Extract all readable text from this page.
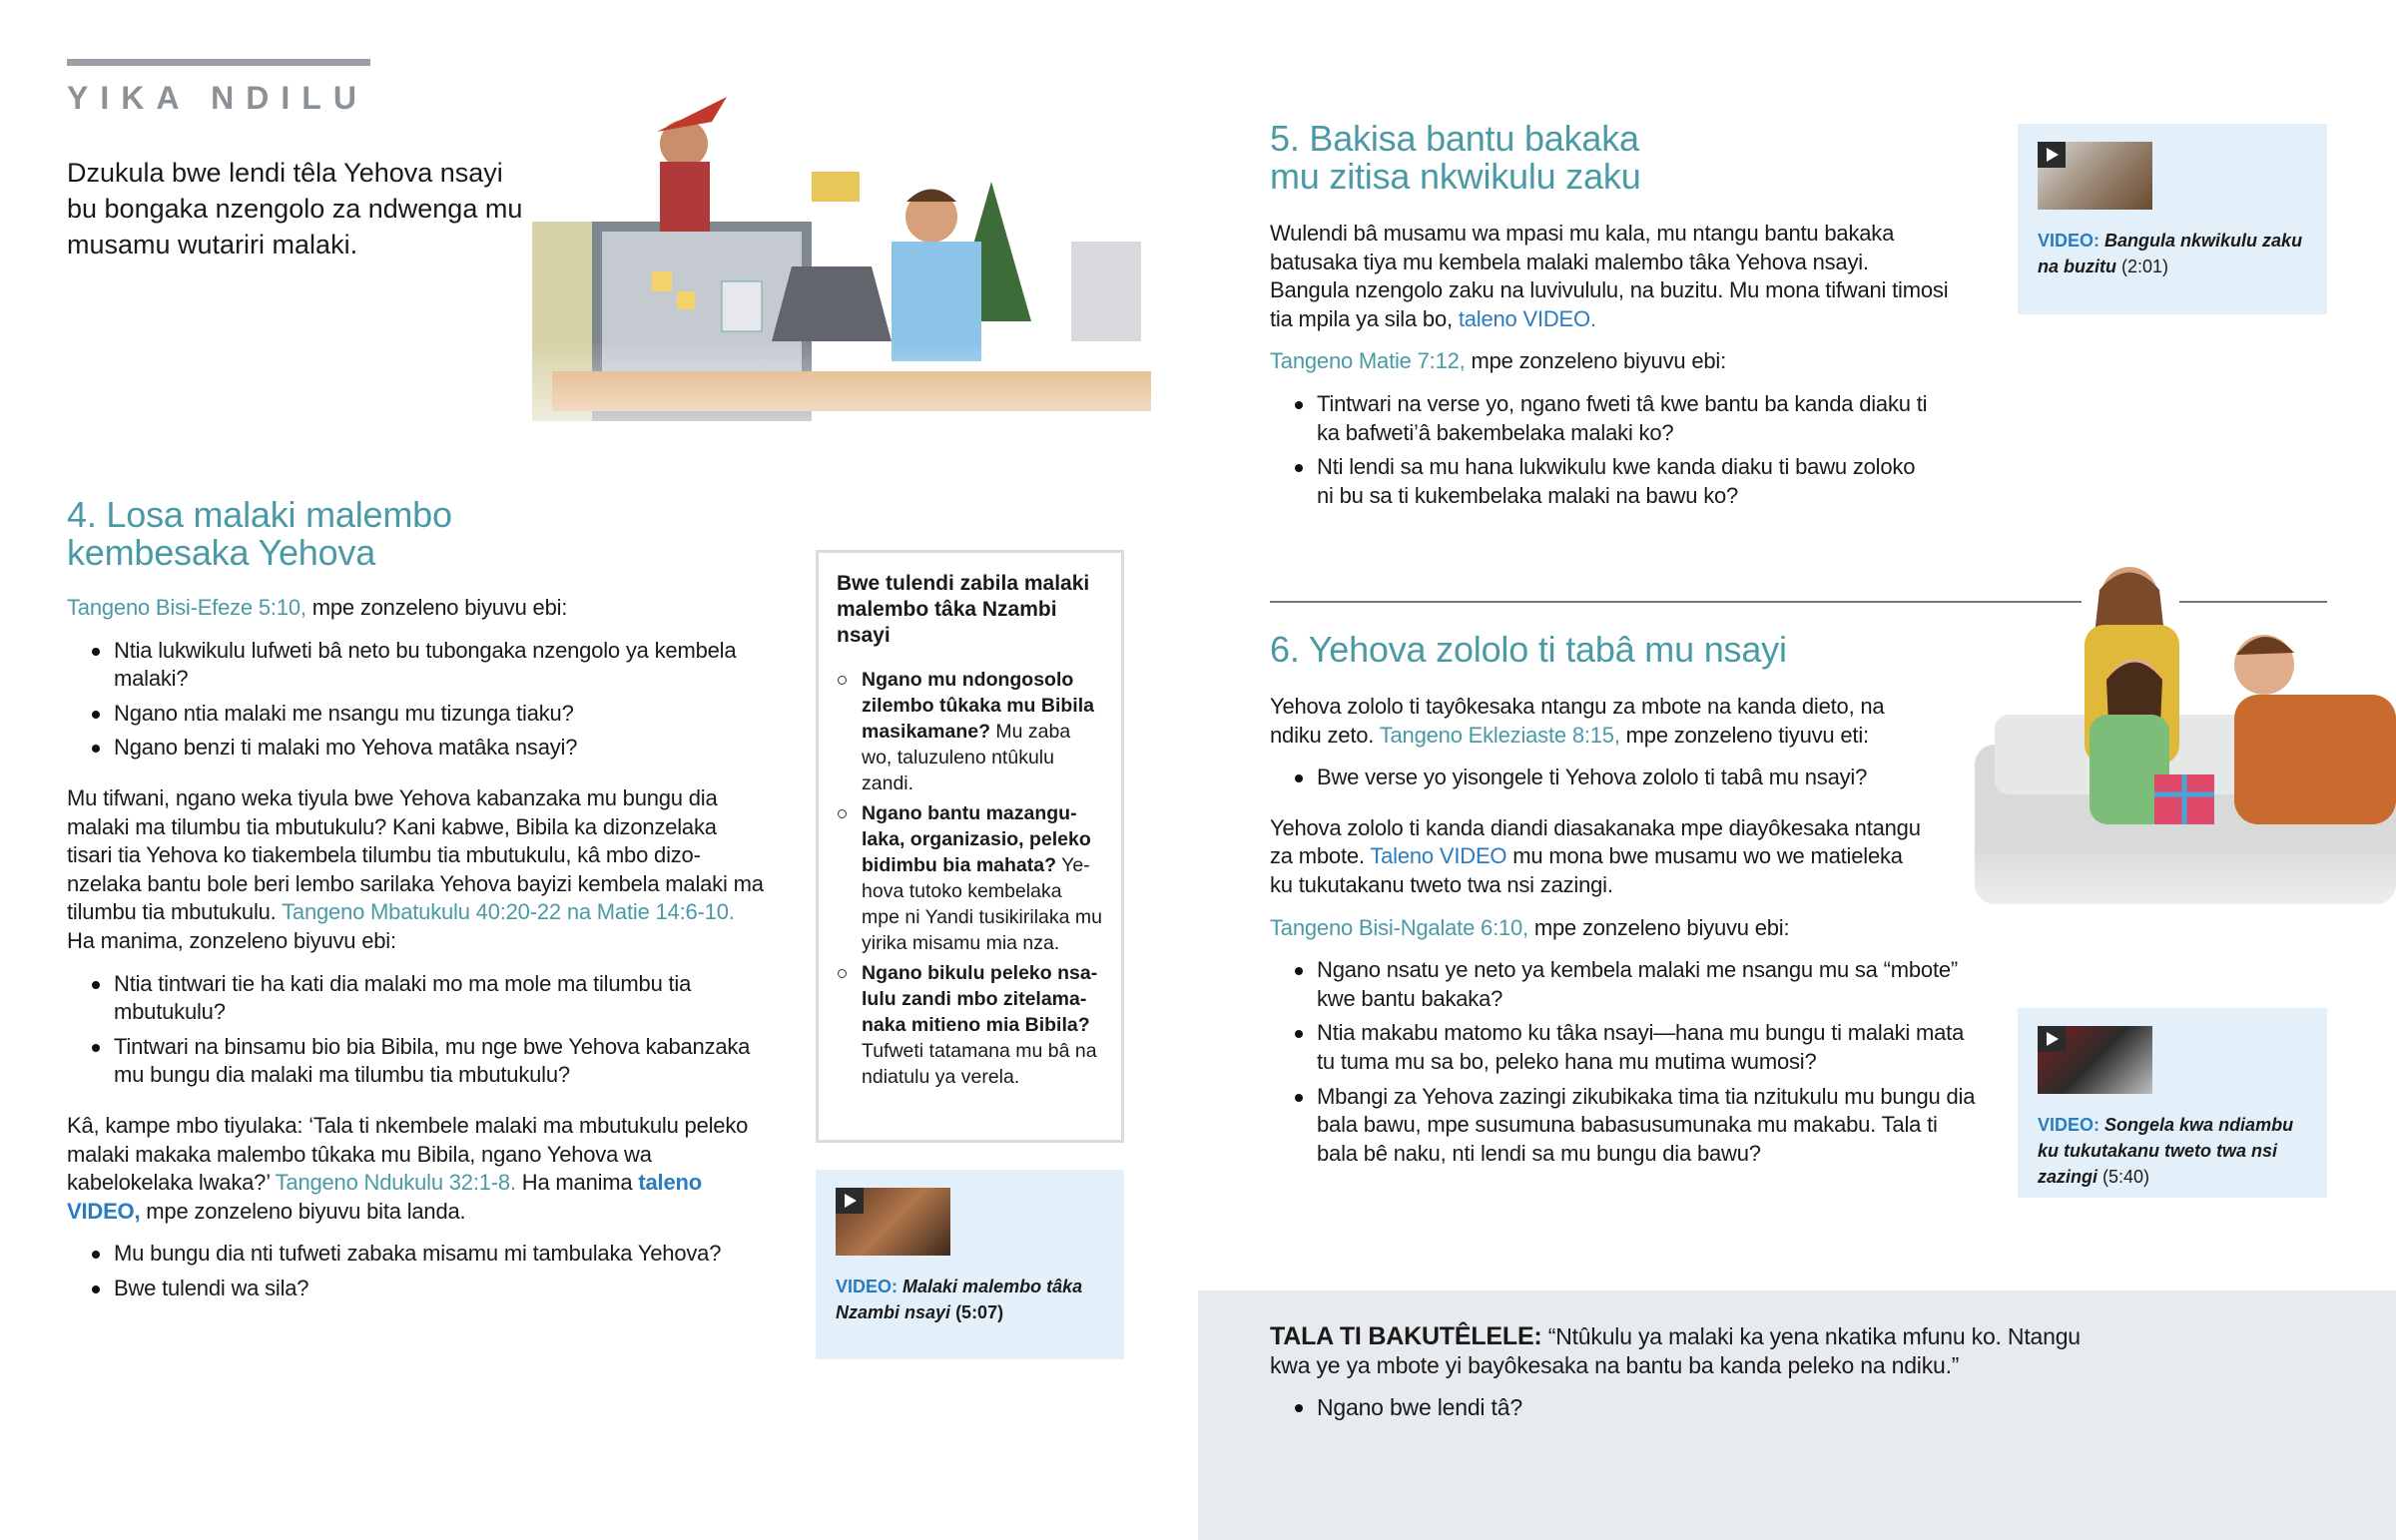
YIKA NDILU
Dzukula bwe lendi têla Yehova nsayi bu bongaka nzengolo za ndwenga mu musamu wutariri malaki.
4. Losa malaki malembo kembesaka Yehova

Tangeno Bisi-Efeze 5:10, mpe zonzeleno biyuvu ebi:

Ntia lukwikulu lufweti bâ neto bu tubongaka nzengolo ya kembela malaki?
Ngano ntia malaki me nsangu mu tizunga tiaku?
Ngano benzi ti malaki mo Yehova matâka nsayi?

Mu tifwani, ngano weka tiyula bwe Yehova kabanzaka mu bungu dia malaki ma tilumbu tia mbutukulu? Kani kabwe, Bibila ka dizonzelaka tisari tia Yehova ko tiakembela tilumbu tia mbutukulu, kâ mbo dizonzelaka bantu bole beri lembo sarilaka Yehova bayizi kembela malaki ma tilumbu tia mbutukulu. Tangeno Mbatukulu 40:20-22 na Matie 14:6-10. Ha manima, zonzeleno biyuvu ebi:

Ntia tintwari tie ha kati dia malaki mo ma mole ma tilumbu tia mbutukulu?
Tintwari na binsamu bio bia Bibila, mu nge bwe Yehova kabanzaka mu bungu dia malaki ma tilumbu tia mbutukulu?

Kâ, kampe mbo tiyulaka: ‘Tala ti nkembele malaki ma mbutukulu peleko malaki makaka malembo tûkaka mu Bibila, ngano Yehova wa kabelokelaka lwaka?’ Tangeno Ndukulu 32:1-8. Ha manima taleno VIDEO, mpe zonzeleno biyuvu bita landa.

Mu bungu dia nti tufweti zabaka misamu mi tambulaka Yehova?
Bwe tulendi wa sila?
Bwe tulendi zabila malaki malembo tâka Nzambi nsayi
Ngano mu ndongosolo zilembo tûkaka mu Bibila masikamane? Mu zaba wo, taluzuleno ntûkulu zandi.
Ngano bantu mazangulaka, organizasio, peleko bidimbu bia mahata? Yehova tutoko kembelaka mpe ni Yandi tusikirilaka mu yirika misamu mia nza.
Ngano bikulu peleko nsalulu zandi mbo zitelamanaka mitieno mia Bibila? Tufweti tatamana mu bâ na ndiatulu ya verela.
VIDEO: Malaki malembo tâka Nzambi nsayi (5:07)
5. Bakisa bantu bakaka mu zitisa nkwikulu zaku

Wulendi bâ musamu wa mpasi mu kala, mu ntangu bantu bakaka batusaka tiya mu kembela malaki malembo tâka Yehova nsayi. Bangula nzengolo zaku na luvivululu, na buzitu. Mu mona tifwani timosi tia mpila ya sila bo, taleno VIDEO.

Tangeno Matie 7:12, mpe zonzeleno biyuvu ebi:

Tintwari na verse yo, ngano fweti tâ kwe bantu ba kanda diaku ti ka bafweti’â bakembelaka malaki ko?
Nti lendi sa mu hana lukwikulu kwe kanda diaku ti bawu zoloko ni bu sa ti kukembelaka malaki na bawu ko?
VIDEO: Bangula nkwikulu zaku na buzitu (2:01)
6. Yehova zololo ti tabâ mu nsayi

Yehova zololo ti tayôkesaka ntangu za mbote na kanda dieto, na ndiku zeto. Tangeno Ekleziaste 8:15, mpe zonzeleno tiyuvu eti:

Bwe verse yo yisongele ti Yehova zololo ti tabâ mu nsayi?

Yehova zololo ti kanda diandi diasakanaka mpe diayôkesaka ntangu za mbote. Taleno VIDEO mu mona bwe musamu wo we matieleka ku tukutakanu tweto twa nsi zazingi.

Tangeno Bisi-Ngalate 6:10, mpe zonzeleno biyuvu ebi:

Ngano nsatu ye neto ya kembela malaki me nsangu mu sa “mbote” kwe bantu bakaka?
Ntia makabu matomo ku tâka nsayi—hana mu bungu ti malaki mata tu tuma mu sa bo, peleko hana mu mutima wumosi?
Mbangi za Yehova zazingi zikubikaka tima tia nzitukulu mu bungu dia bala bawu, mpe susumuna babasusumunaka mu makabu. Tala ti bala bê naku, nti lendi sa mu bungu dia bawu?
VIDEO: Songela kwa ndiambu ku tukutakanu tweto twa nsi zazingi (5:40)

TALA TI BAKUTÊLELE: “Ntûkulu ya malaki ka yena nkatika mfunu ko. Ntangu kwa ye ya mbote yi bayôkesaka na bantu ba kanda peleko na ndiku.”

Ngano bwe lendi tâ?
